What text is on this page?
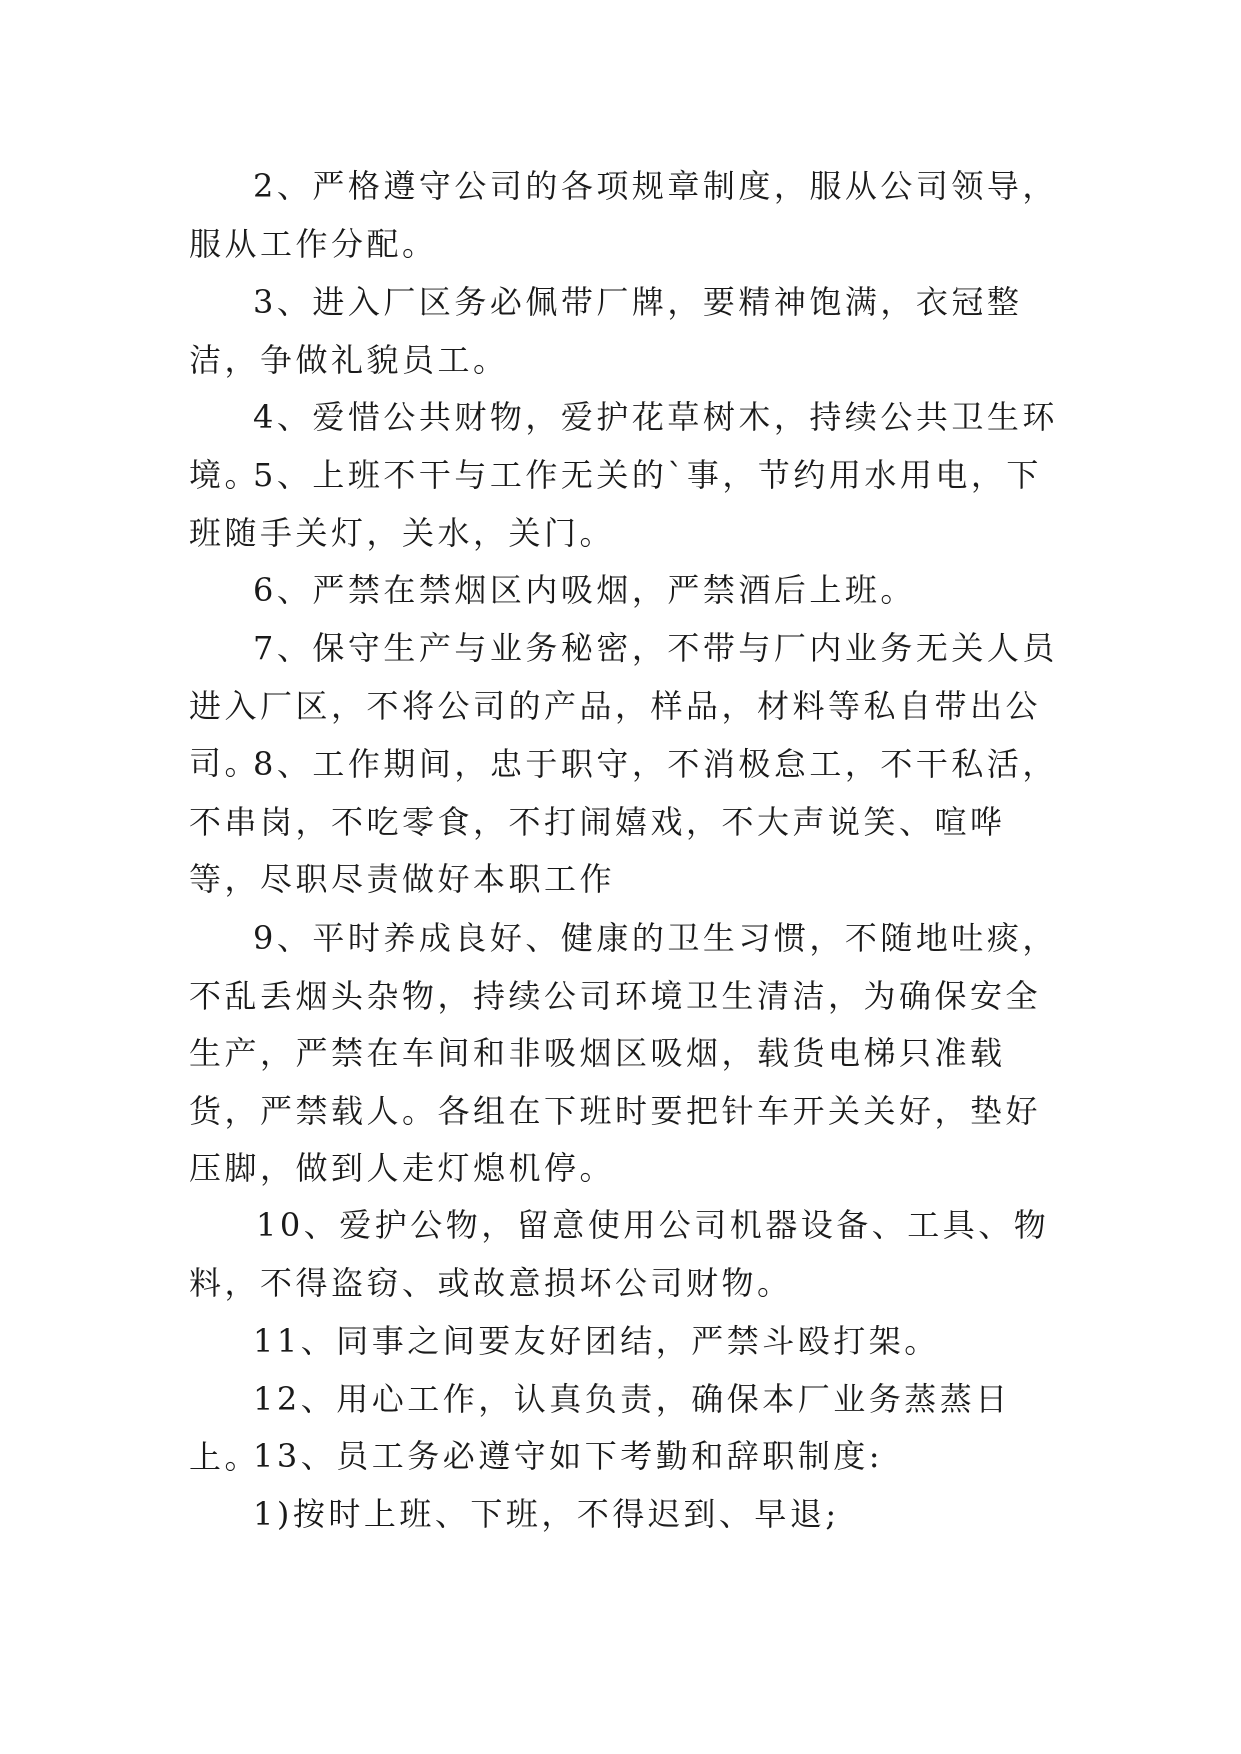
2、严格遵守公司的各项规章制度，服从公司领导，服从工作分配。

3、进入厂区务必佩带厂牌，要精神饱满，衣冠整洁，争做礼貌员工。

4、爱惜公共财物，爱护花草树木，持续公共卫生环境。

5、上班不干与工作无关的`事，节约用水用电，下班随手关灯，关水，关门。

6、严禁在禁烟区内吸烟，严禁酒后上班。

7、保守生产与业务秘密，不带与厂内业务无关人员进入厂区，不将公司的产品，样品，材料等私自带出公司。

8、工作期间，忠于职守，不消极怠工，不干私活，不串岗，不吃零食，不打闹嬉戏，不大声说笑、喧哗等，尽职尽责做好本职工作

9、平时养成良好、健康的卫生习惯，不随地吐痰，不乱丢烟头杂物，持续公司环境卫生清洁，为确保安全生产，严禁在车间和非吸烟区吸烟，载货电梯只准载货，严禁载人。各组在下班时要把针车开关关好，垫好压脚，做到人走灯熄机停。

10、爱护公物，留意使用公司机器设备、工具、物料，不得盗窃、或故意损坏公司财物。

11、同事之间要友好团结，严禁斗殴打架。

12、用心工作，认真负责，确保本厂业务蒸蒸日上。

13、员工务必遵守如下考勤和辞职制度:

1)按时上班、下班，不得迟到、早退;
